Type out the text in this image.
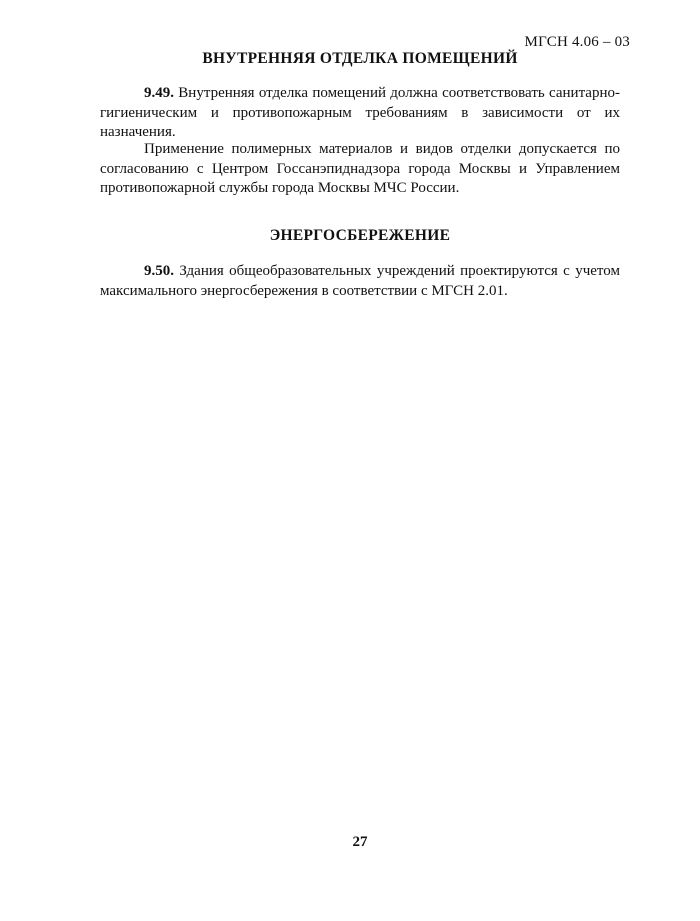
МГСН 4.06 – 03
ВНУТРЕННЯЯ ОТДЕЛКА ПОМЕЩЕНИЙ

9.49. Внутренняя отделка помещений должна соответствовать санитарно-гигиеническим и противопожарным требованиям в зависимости от их назначения.

Применение полимерных материалов и видов отделки допускается по согласованию с Центром Госсанэпиднадзора города Москвы и Управлением противопожарной службы города Москвы МЧС России.

ЭНЕРГОСБЕРЕЖЕНИЕ

9.50. Здания общеобразовательных учреждений проектируются с учетом максимального энергосбережения в соответствии с МГСН 2.01.

27
